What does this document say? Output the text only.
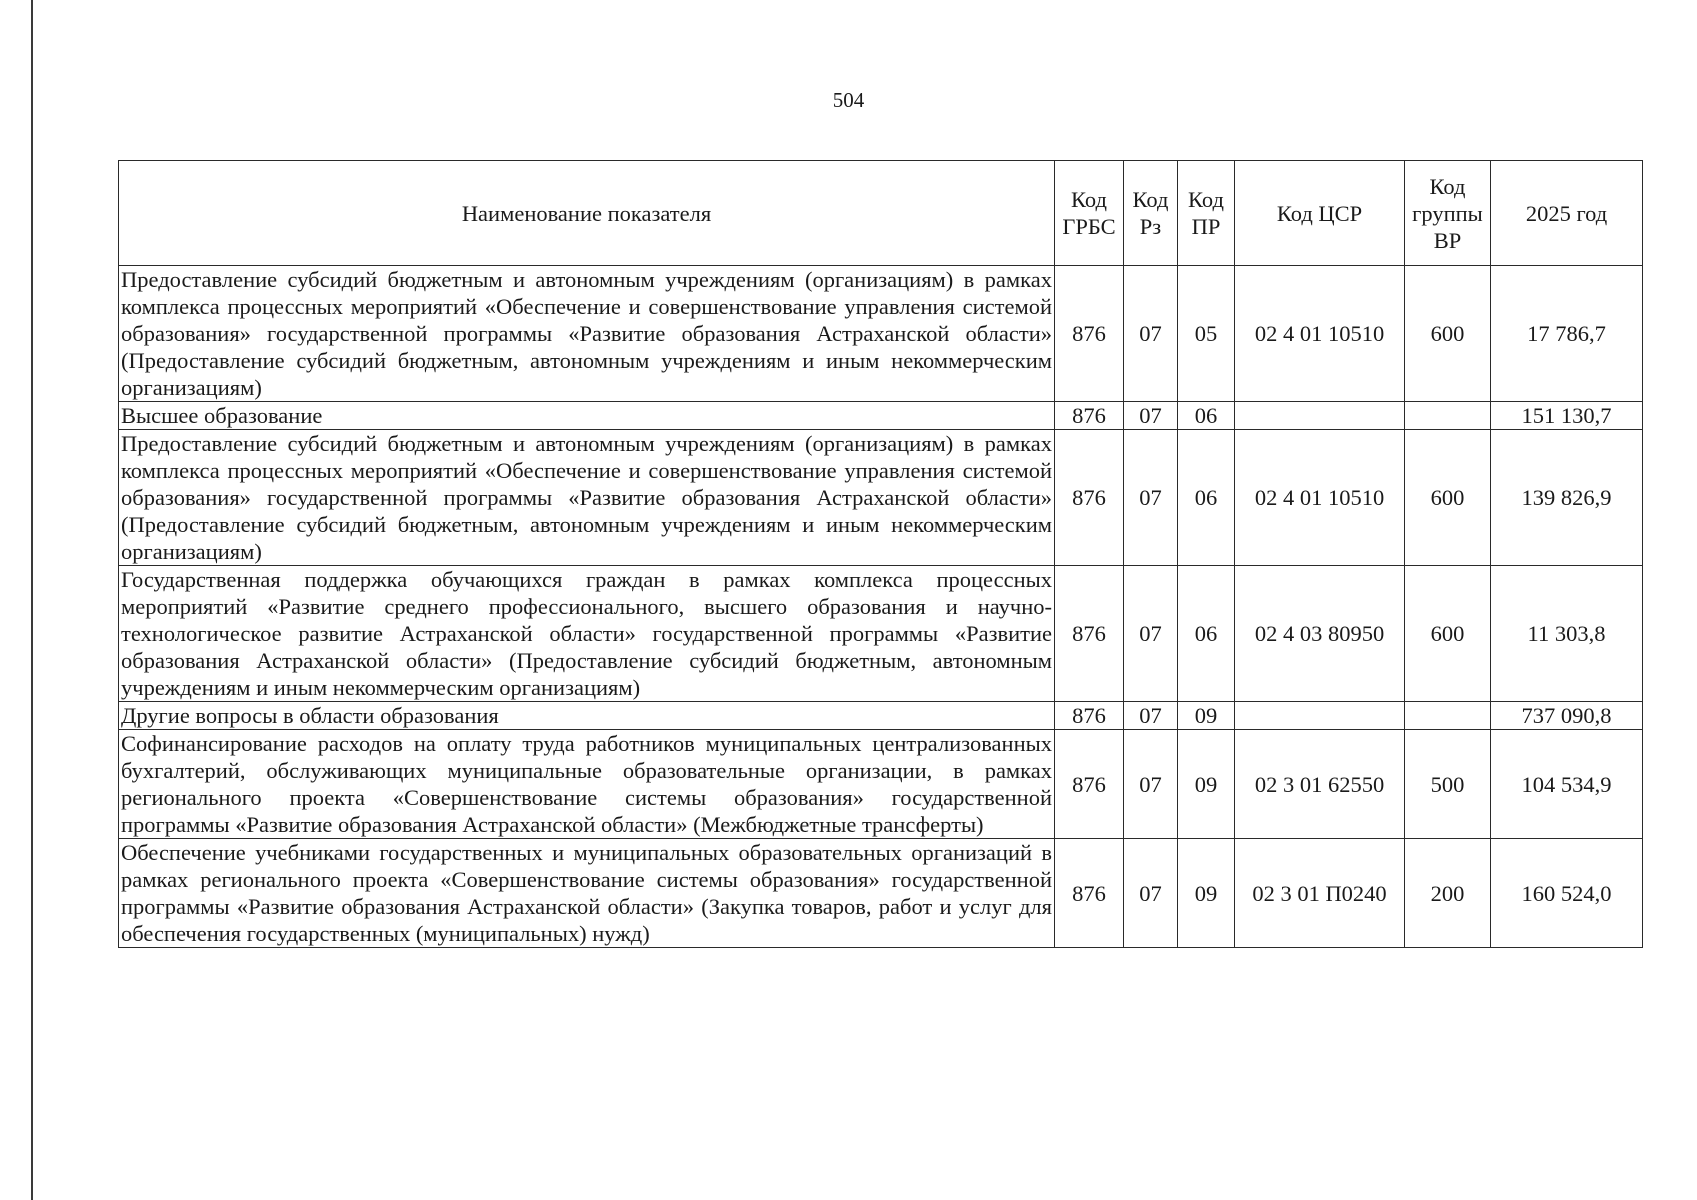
504
Наименование показателя	Код ГРБС	Код Рз	Код ПР	Код ЦСР	Код группы ВР	2025 год
Предоставление субсидий бюджетным и автономным учреждениям (организациям) в рамках комплекса процессных мероприятий «Обеспечение и совершенствование управления системой образования» государственной программы «Развитие образования Астраханской области» (Предоставление субсидий бюджетным, автономным учреждениям и иным некоммерческим организациям)	876	07	05	02 4 01 10510	600	17 786,7
Высшее образование	876	07	06			151 130,7
Предоставление субсидий бюджетным и автономным учреждениям (организациям) в рамках комплекса процессных мероприятий «Обеспечение и совершенствование управления системой образования» государственной программы «Развитие образования Астраханской области» (Предоставление субсидий бюджетным, автономным учреждениям и иным некоммерческим организациям)	876	07	06	02 4 01 10510	600	139 826,9
Государственная поддержка обучающихся граждан в рамках комплекса процессных мероприятий «Развитие среднего профессионального, высшего образования и научно-технологическое развитие Астраханской области» государственной программы «Развитие образования Астраханской области» (Предоставление субсидий бюджетным, автономным учреждениям и иным некоммерческим организациям)	876	07	06	02 4 03 80950	600	11 303,8
Другие вопросы в области образования	876	07	09			737 090,8
Софинансирование расходов на оплату труда работников муниципальных централизованных бухгалтерий, обслуживающих муниципальные образовательные организации, в рамках регионального проекта «Совершенствование системы образования» государственной программы «Развитие образования Астраханской области» (Межбюджетные трансферты)	876	07	09	02 3 01 62550	500	104 534,9
Обеспечение учебниками государственных и муниципальных образовательных организаций в рамках регионального проекта «Совершенствование системы образования» государственной программы «Развитие образования Астраханской области» (Закупка товаров, работ и услуг для обеспечения государственных (муниципальных) нужд)	876	07	09	02 3 01 П0240	200	160 524,0
